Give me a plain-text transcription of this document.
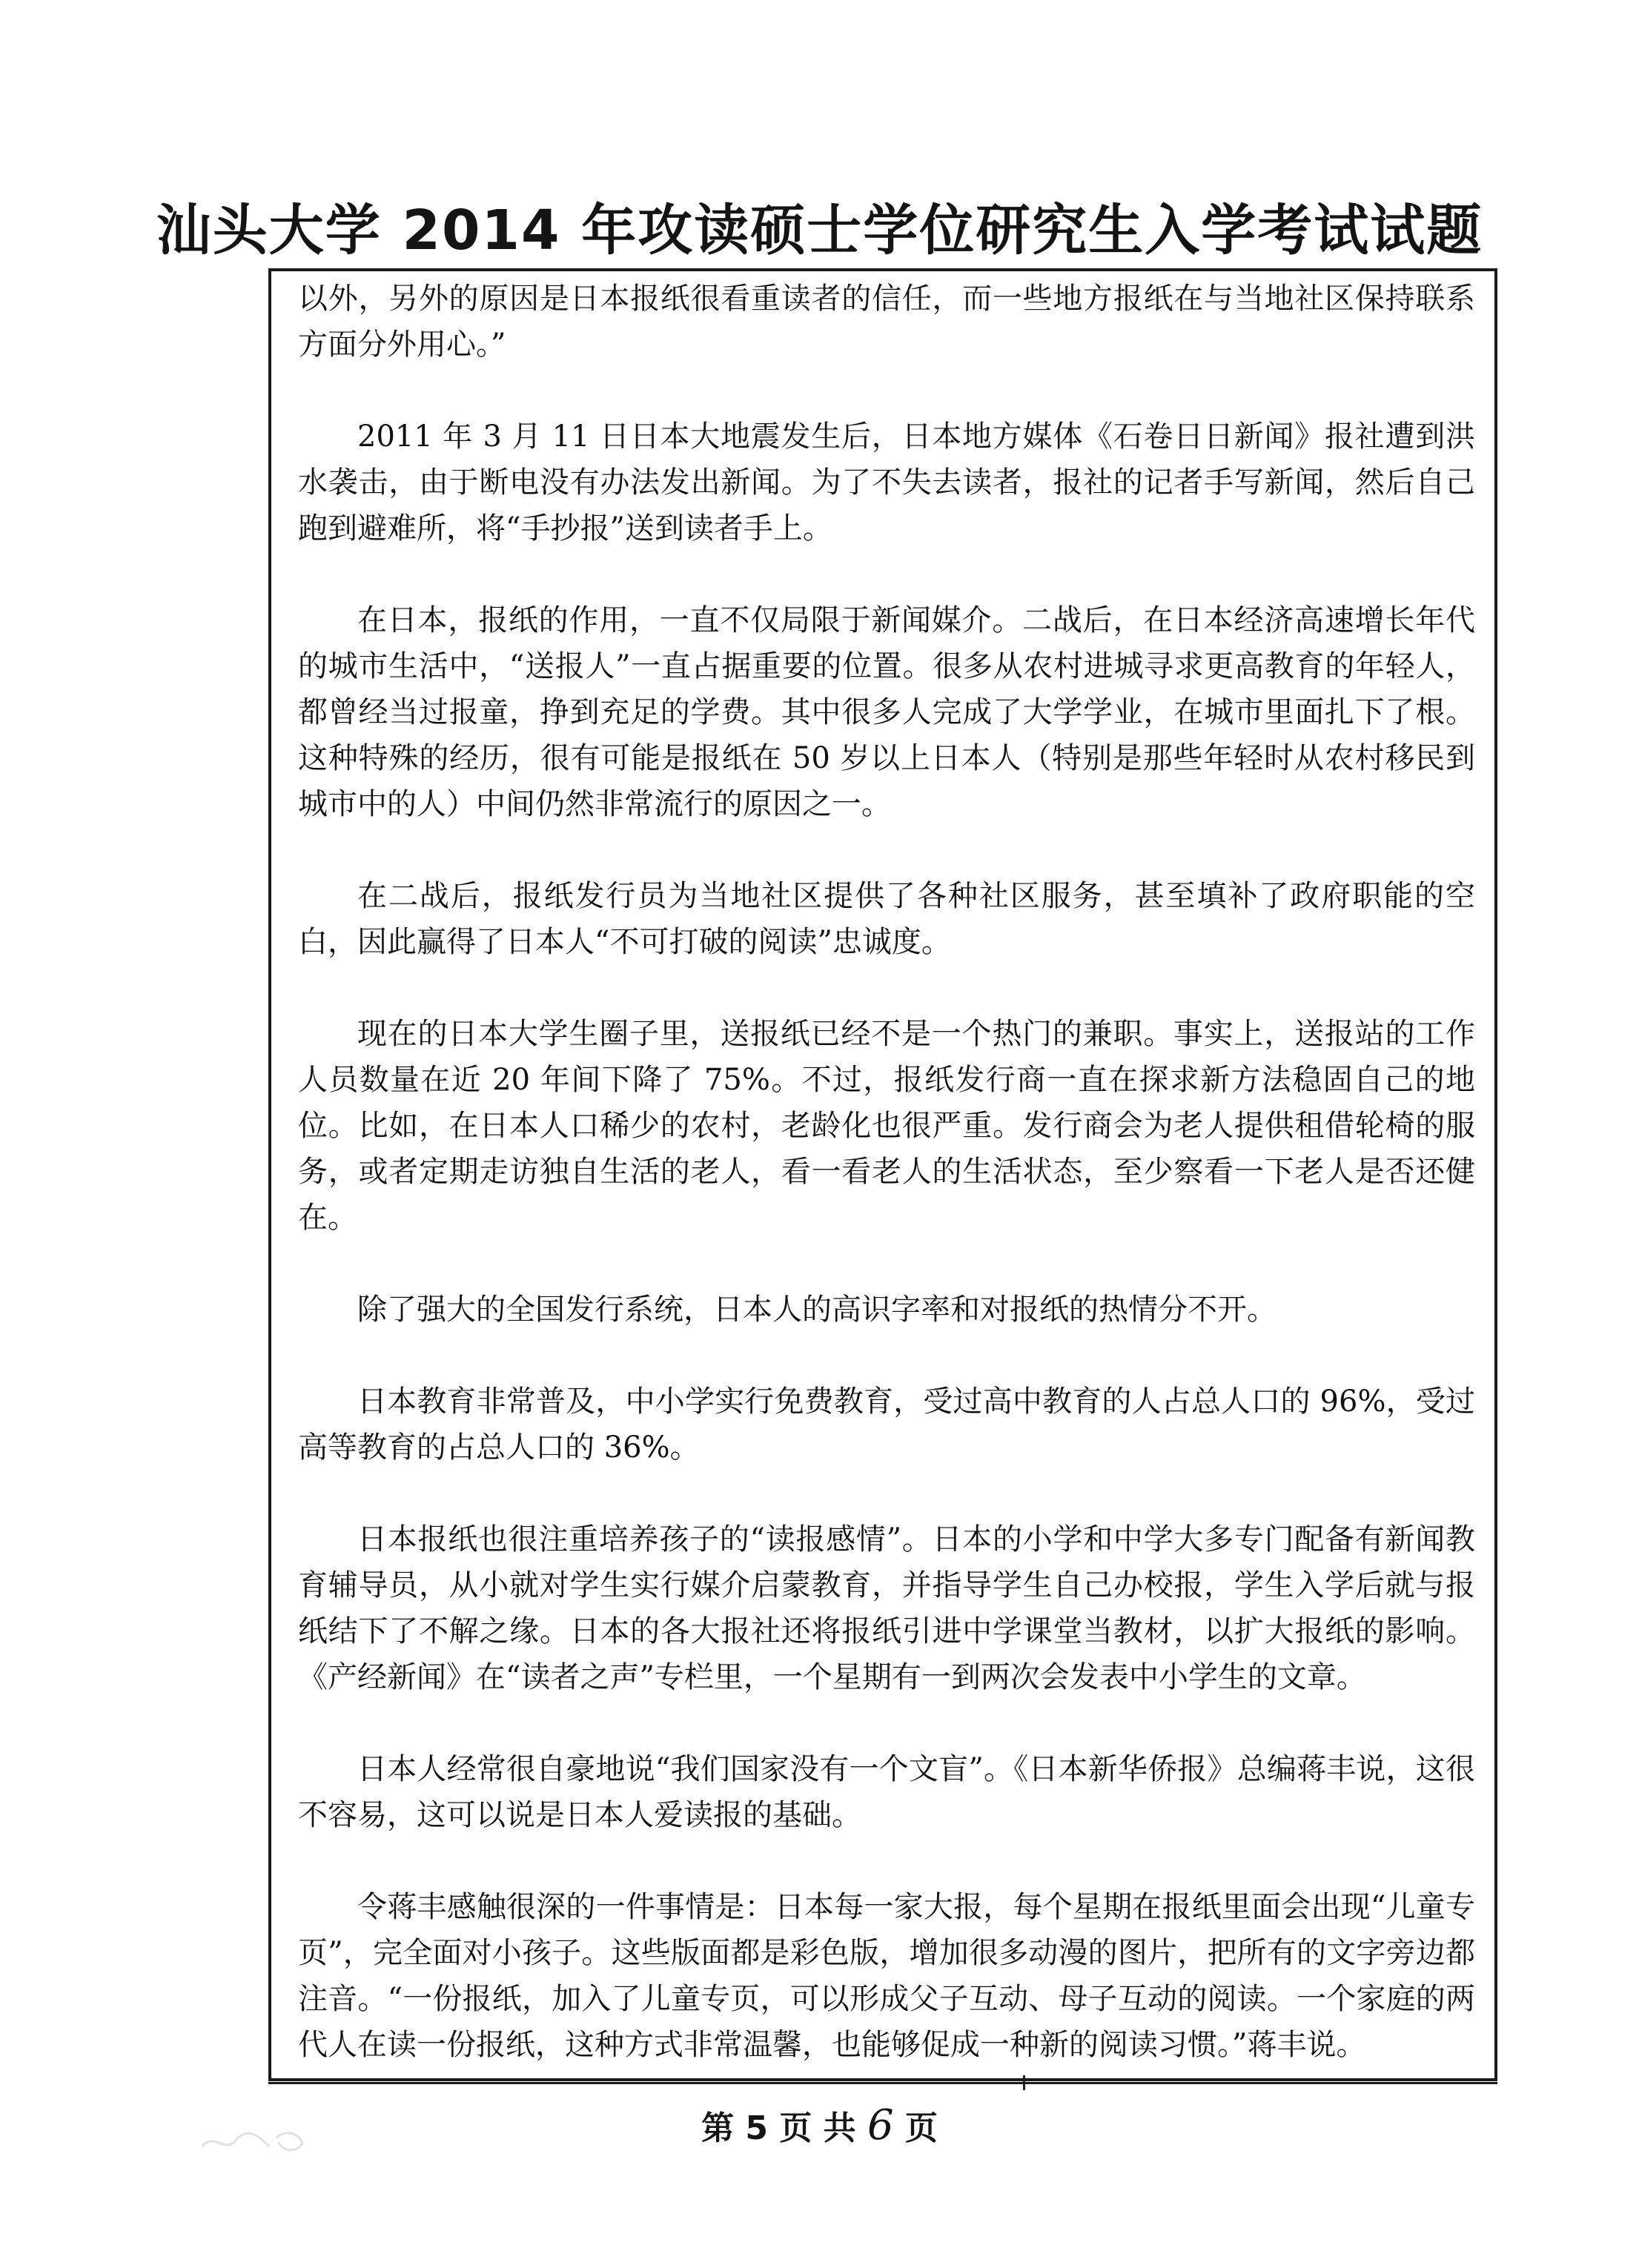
汕头大学 2014 年攻读硕士学位研究生入学考试试题

以外，另外的原因是日本报纸很看重读者的信任，而一些地方报纸在与当地社区保持联系方面分外用心。”

2011 年 3 月 11 日日本大地震发生后，日本地方媒体《石卷日日新闻》报社遭到洪水袭击，由于断电没有办法发出新闻。为了不失去读者，报社的记者手写新闻，然后自己跑到避难所，将“手抄报”送到读者手上。

在日本，报纸的作用，一直不仅局限于新闻媒介。二战后，在日本经济高速增长年代的城市生活中，“送报人”一直占据重要的位置。很多从农村进城寻求更高教育的年轻人，都曾经当过报童，挣到充足的学费。其中很多人完成了大学学业，在城市里面扎下了根。这种特殊的经历，很有可能是报纸在 50 岁以上日本人（特别是那些年轻时从农村移民到城市中的人）中间仍然非常流行的原因之一。

在二战后，报纸发行员为当地社区提供了各种社区服务，甚至填补了政府职能的空白，因此赢得了日本人“不可打破的阅读”忠诚度。

现在的日本大学生圈子里，送报纸已经不是一个热门的兼职。事实上，送报站的工作人员数量在近 20 年间下降了 75%。不过，报纸发行商一直在探求新方法稳固自己的地位。比如，在日本人口稀少的农村，老龄化也很严重。发行商会为老人提供租借轮椅的服务，或者定期走访独自生活的老人，看一看老人的生活状态，至少察看一下老人是否还健在。

除了强大的全国发行系统，日本人的高识字率和对报纸的热情分不开。

日本教育非常普及，中小学实行免费教育，受过高中教育的人占总人口的 96%，受过高等教育的占总人口的 36%。

日本报纸也很注重培养孩子的“读报感情”。日本的小学和中学大多专门配备有新闻教育辅导员，从小就对学生实行媒介启蒙教育，并指导学生自己办校报，学生入学后就与报纸结下了不解之缘。日本的各大报社还将报纸引进中学课堂当教材，以扩大报纸的影响。《产经新闻》在“读者之声”专栏里，一个星期有一到两次会发表中小学生的文章。

日本人经常很自豪地说“我们国家没有一个文盲”。《日本新华侨报》总编蒋丰说，这很不容易，这可以说是日本人爱读报的基础。

令蒋丰感触很深的一件事情是：日本每一家大报，每个星期在报纸里面会出现“儿童专页”，完全面对小孩子。这些版面都是彩色版，增加很多动漫的图片，把所有的文字旁边都注音。“一份报纸，加入了儿童专页，可以形成父子互动、母子互动的阅读。一个家庭的两代人在读一份报纸，这种方式非常温馨，也能够促成一种新的阅读习惯。”蒋丰说。

第 5 页 共 6 页
